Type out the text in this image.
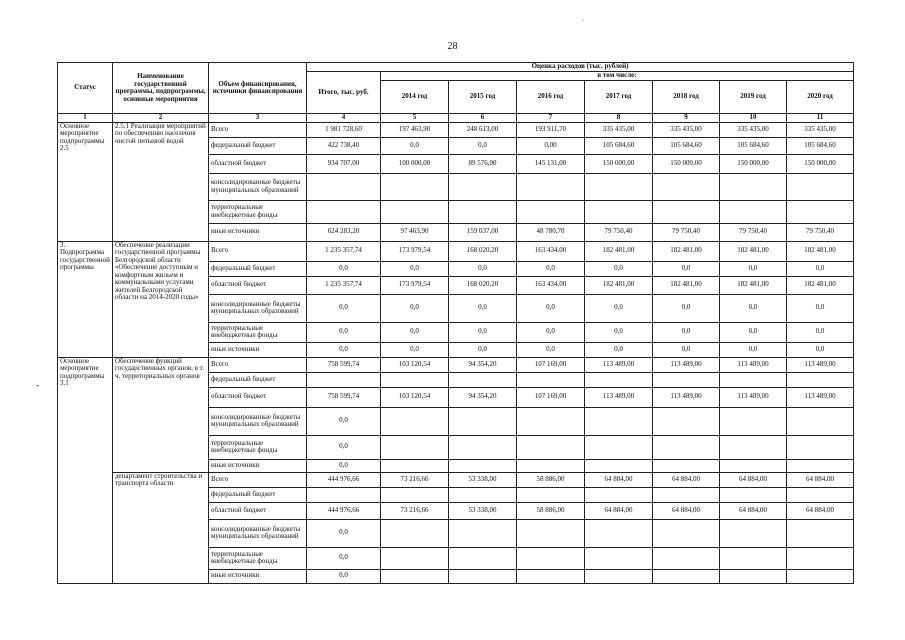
28
.
-
Статус	Наименование государственной программы, подпрограммы, основные мероприятия	Объем финансирования, источники финансирования	Оценка расходов (тыс. рублей)							
			Итого, тыс. руб.	в том числе:						
				2014 год	2015 год	2016 год	2017 год	2018 год	2019 год	2020 год
1	2	3	4	5	6	7	8	9	10	11
Основное мероприятие подпрограммы 2.5	2.5.1 Реализация мероприятий по обеспечению населения чистой питьевой водой	Всего	1 981 728,60	197 463,90	248 613,00	193 911,70	335 435,00	335 435,00	335 435,00	335 435,00
		федеральный бюджет	422 738,40	0,0	0,0	0,00	105 684,60	105 684,60	105 684,60	105 684,60
		областной бюджет	934 707,00	100 000,00	89 576,00	145 131,00	150 000,00	150 000,00	150 000,00	150 000,00
		консолидированные бюджеты муниципальных образований								
		территориальные внебюджетные фонды								
		иные источники	624 283,20	97 463,90	159 037,00	48 780,70	79 750,40	79 750,40	79 750,40	79 750,40
3. Подпрограмма государственной программы	Обеспечение реализации государственной программы Белгородской области «Обеспечение доступным и комфортным жильем и коммунальными услугами жителей Белгородской области на 2014-2020 годы»	Всего	1 235 357,74	173 979,54	168 020,20	163 434,00	182 481,00	182 481,00	182 481,00	182 481,00
		федеральный бюджет	0,0	0,0	0,0	0,0	0,0	0,0	0,0	0,0
		областной бюджет	1 235 357,74	173 979,54	168 020,20	163 434,00	182 481,00	182 481,00	182 481,00	182 481,00
		консолидированные бюджеты муниципальных образований	0,0	0,0	0,0	0,0	0,0	0,0	0,0	0,0
		территориальные внебюджетные фонды	0,0	0,0	0,0	0,0	0,0	0,0	0,0	0,0
		иные источники	0,0	0,0	0,0	0,0	0,0	0,0	0,0	0,0
Основное мероприятие подпрограммы 3.1	Обеспечение функций государственных органов, в т. ч. территориальных органов	Всего	758 599,74	103 120,54	94 354,20	107 169,00	113 489,00	113 489,00	113 489,00	113 489,00
		федеральный бюджет								
		областной бюджет	758 599,74	103 120,54	94 354,20	107 169,00	113 489,00	113 489,00	113 489,00	113 489,00
		консолидированные бюджеты муниципальных образований	0,0							
		территориальные внебюджетные фонды	0,0							
		иные источники	0,0							
	департамент строительства и транспорта области	Всего	444 976,66	73 216,66	53 338,00	58 886,00	64 884,00	64 884,00	64 884,00	64 884,00
		федеральный бюджет								
		областной бюджет	444 976,66	73 216,66	53 338,00	58 886,00	64 884,00	64 884,00	64 884,00	64 884,00
		консолидированные бюджеты муниципальных образований	0,0							
		территориальные внебюджетные фонды	0,0							
		иные источники	0,0							
